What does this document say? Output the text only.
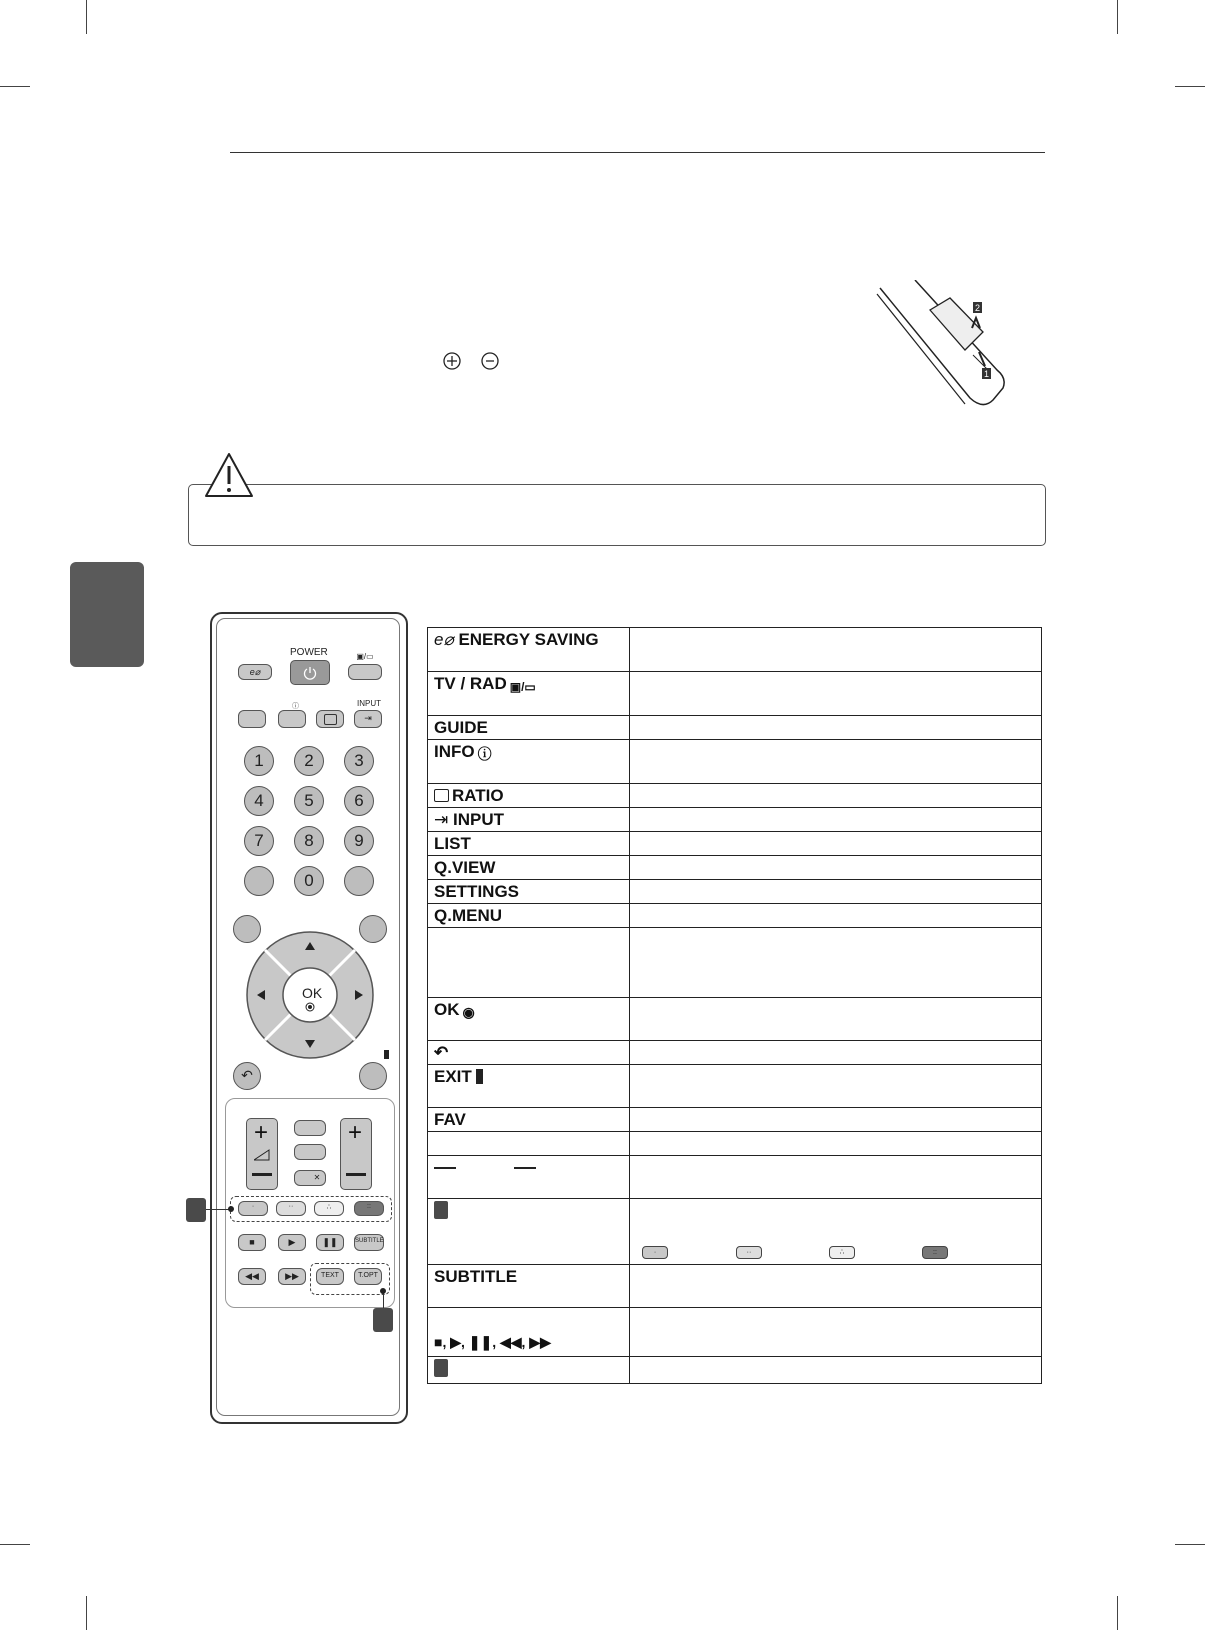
1
2
POWER
e⌀
▣/▭
ⓘ	INPUT
⇥
1	2	3
4	5	6
7	8	9
0
OK
↶
+	+
✕
·	··	∴	::
■	▶	❚❚	SUBTITLE
◀◀	▶▶	TEXT	T.OPT
e⌀ ENERGY SAVING	
TV / RAD ▣/▭	
GUIDE	
INFO ⓘ	
RATIO	
⇥ INPUT	
LIST	
Q.VIEW	
SETTINGS	
Q.MENU	

OK ◉	
↶	
EXIT	
FAV	

	· ·· ∴ ::

SUBTITLE	
■, ▶, ❚❚, ◀◀, ▶▶	
